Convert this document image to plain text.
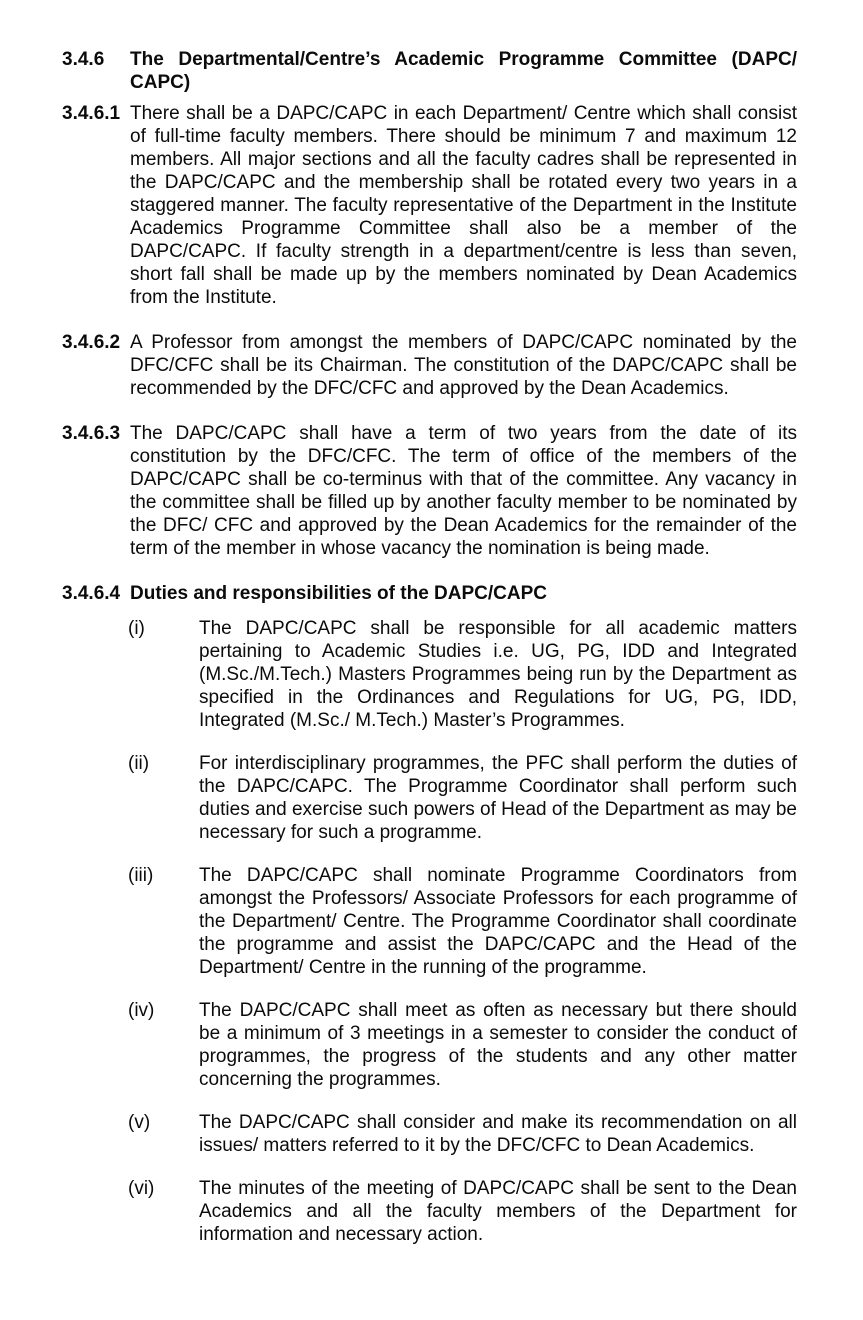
3.4.6	The Departmental/Centre’s Academic Programme Committee (DAPC/ CAPC)
3.4.6.1 There shall be a DAPC/CAPC in each Department/ Centre which shall consist of full-time faculty members. There should be minimum 7 and maximum 12 members. All major sections and all the faculty cadres shall be represented in the DAPC/CAPC and the membership shall be rotated every two years in a staggered manner. The faculty representative of the Department in the Institute Academics Programme Committee shall also be a member of the DAPC/CAPC. If faculty strength in a department/centre is less than seven, short fall shall be made up by the members nominated by Dean Academics from the Institute.
3.4.6.2 A Professor from amongst the members of DAPC/CAPC nominated by the DFC/CFC shall be its Chairman. The constitution of the DAPC/CAPC shall be recommended by the DFC/CFC and approved by the Dean Academics.
3.4.6.3 The DAPC/CAPC shall have a term of two years from the date of its constitution by the DFC/CFC. The term of office of the members of the DAPC/CAPC shall be co-terminus with that of the committee. Any vacancy in the committee shall be filled up by another faculty member to be nominated by the DFC/ CFC and approved by the Dean Academics for the remainder of the term of the member in whose vacancy the nomination is being made.
3.4.6.4 Duties and responsibilities of the DAPC/CAPC
(i)	The DAPC/CAPC shall be responsible for all academic matters pertaining to Academic Studies i.e. UG, PG, IDD and Integrated (M.Sc./M.Tech.) Masters Programmes being run by the Department as specified in the Ordinances and Regulations for UG, PG, IDD, Integrated (M.Sc./ M.Tech.) Master’s Programmes.
(ii)	For interdisciplinary programmes, the PFC shall perform the duties of the DAPC/CAPC. The Programme Coordinator shall perform such duties and exercise such powers of Head of the Department as may be necessary for such a programme.
(iii)	The DAPC/CAPC shall nominate Programme Coordinators from amongst the Professors/ Associate Professors for each programme of the Department/ Centre. The Programme Coordinator shall coordinate the programme and assist the DAPC/CAPC and the Head of the Department/ Centre in the running of the programme.
(iv)	The DAPC/CAPC shall meet as often as necessary but there should be a minimum of 3 meetings in a semester to consider the conduct of programmes, the progress of the students and any other matter concerning the programmes.
(v)	The DAPC/CAPC shall consider and make its recommendation on all issues/ matters referred to it by the DFC/CFC to Dean Academics.
(vi)	The minutes of the meeting of DAPC/CAPC shall be sent to the Dean Academics and all the faculty members of the Department for information and necessary action.
